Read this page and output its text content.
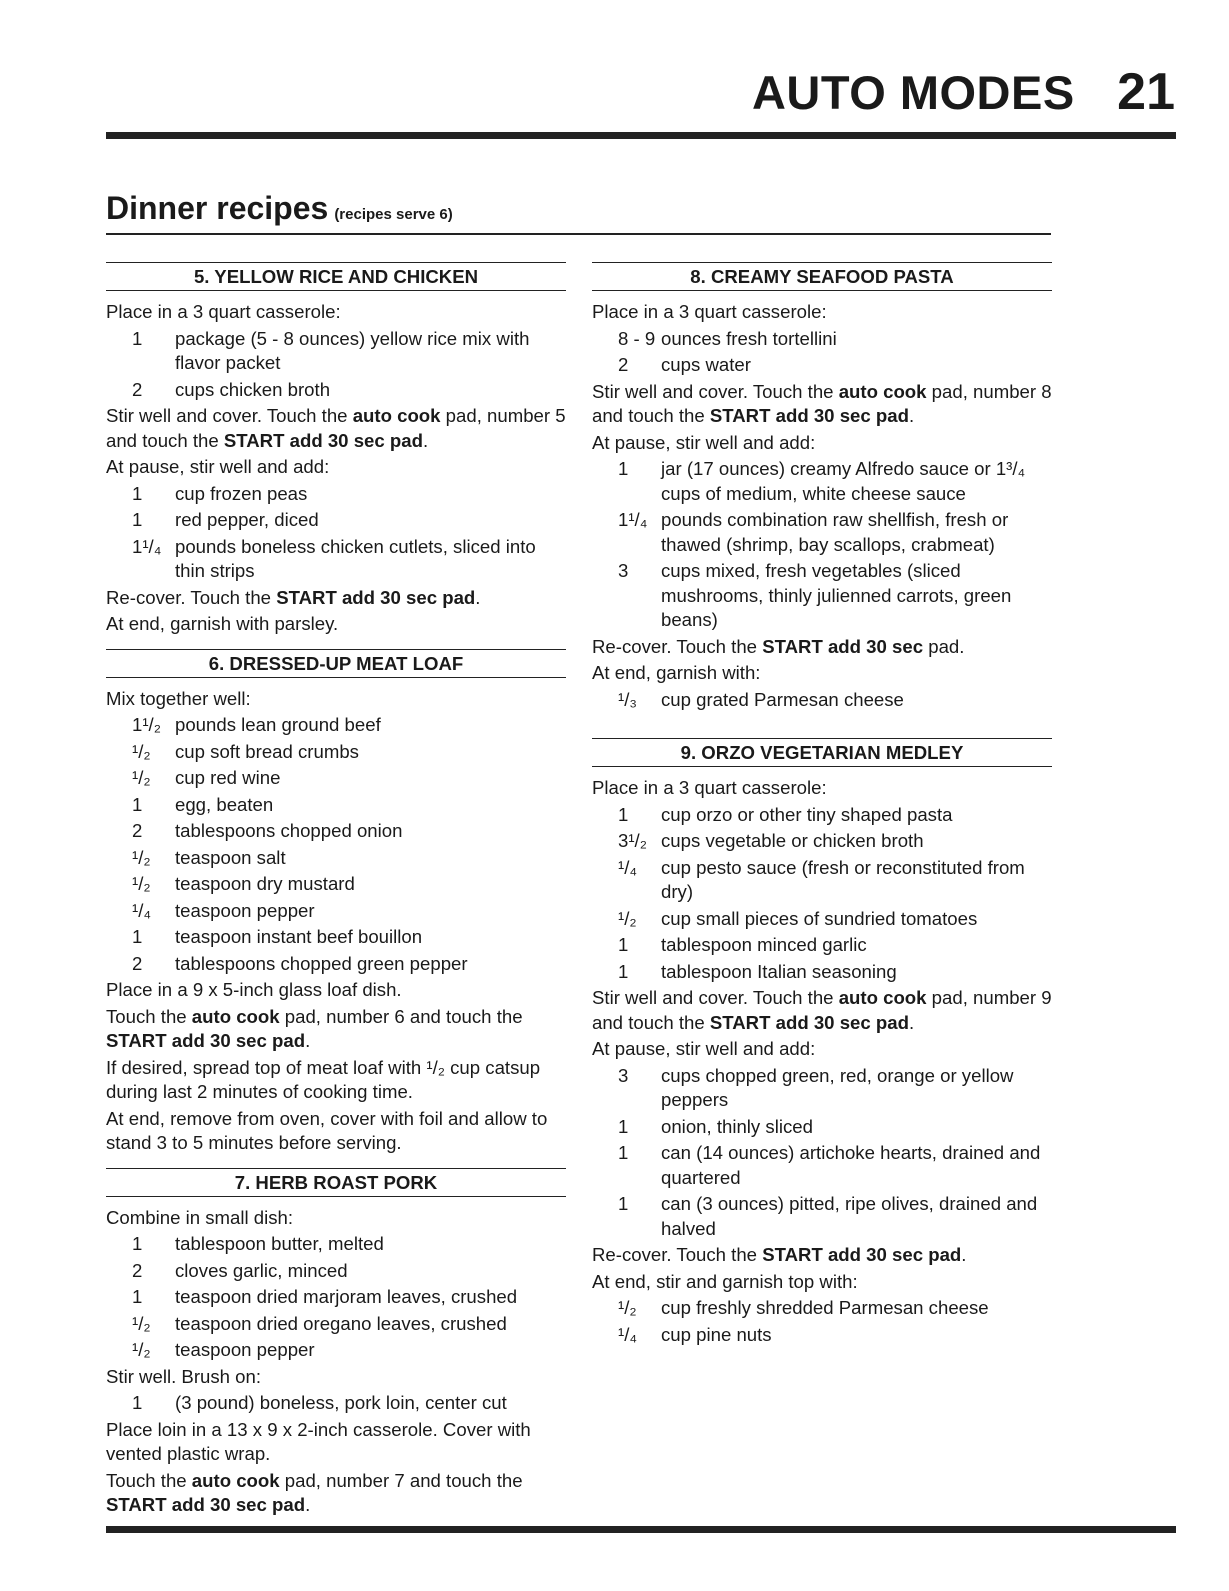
AUTO MODES 21
Dinner recipes (recipes serve 6)
5. YELLOW RICE AND CHICKEN
Place in a 3 quart casserole:
1	package (5 - 8 ounces) yellow rice mix with flavor packet
2	cups chicken broth
Stir well and cover. Touch the auto cook pad, number 5 and touch the START add 30 sec pad.
At pause, stir well and add:
1	cup frozen peas
1	red pepper, diced
1¹/₄ pounds boneless chicken cutlets, sliced into thin strips
Re-cover. Touch the START add 30 sec pad.
At end, garnish with parsley.
6. DRESSED-UP MEAT LOAF
Mix together well:
1¹/₂ pounds lean ground beef
¹/₂	cup soft bread crumbs
¹/₂	cup red wine
1	egg, beaten
2	tablespoons chopped onion
¹/₂	teaspoon salt
¹/₂	teaspoon dry mustard
¹/₄	teaspoon pepper
1	teaspoon instant beef bouillon
2	tablespoons chopped green pepper
Place in a 9 x 5-inch glass loaf dish.
Touch the auto cook pad, number 6 and touch the START add 30 sec pad.
If desired, spread top of meat loaf with ¹/₂ cup catsup during last 2 minutes of cooking time.
At end, remove from oven, cover with foil and allow to stand 3 to 5 minutes before serving.
7. HERB ROAST PORK
Combine in small dish:
1	tablespoon butter, melted
2	cloves garlic, minced
1	teaspoon dried marjoram leaves, crushed
¹/₂	teaspoon dried oregano leaves, crushed
¹/₂	teaspoon pepper
Stir well. Brush on:
1	(3 pound) boneless, pork loin, center cut
Place loin in a 13 x 9 x 2-inch casserole. Cover with vented plastic wrap.
Touch the auto cook pad, number 7 and touch the START add 30 sec pad.
8. CREAMY SEAFOOD PASTA
Place in a 3 quart casserole:
8 - 9 ounces fresh tortellini
2	cups water
Stir well and cover. Touch the auto cook pad, number 8 and touch the START add 30 sec pad.
At pause, stir well and add:
1	jar (17 ounces) creamy Alfredo sauce or 1³/₄ cups of medium, white cheese sauce
1¹/₄ pounds combination raw shellfish, fresh or thawed (shrimp, bay scallops, crabmeat)
3	cups mixed, fresh vegetables (sliced mushrooms, thinly julienned carrots, green beans)
Re-cover. Touch the START add 30 sec pad.
At end, garnish with:
¹/₃	cup grated Parmesan cheese
9. ORZO VEGETARIAN MEDLEY
Place in a 3 quart casserole:
1	cup orzo or other tiny shaped pasta
3¹/₂ cups vegetable or chicken broth
¹/₄	cup pesto sauce (fresh or reconstituted from dry)
¹/₂	cup small pieces of sundried tomatoes
1	tablespoon minced garlic
1	tablespoon Italian seasoning
Stir well and cover. Touch the auto cook pad, number 9 and touch the START add 30 sec pad.
At pause, stir well and add:
3	cups chopped green, red, orange or yellow peppers
1	onion, thinly sliced
1	can (14 ounces) artichoke hearts, drained and quartered
1	can (3 ounces) pitted, ripe olives, drained and halved
Re-cover. Touch the START add 30 sec pad.
At end, stir and garnish top with:
¹/₂	cup freshly shredded Parmesan cheese
¹/₄	cup pine nuts
